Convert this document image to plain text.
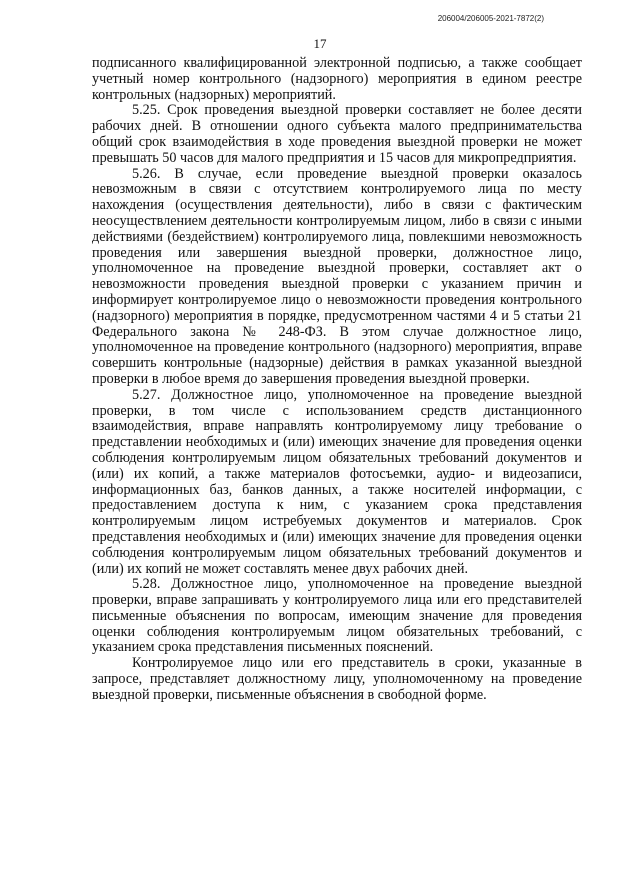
206004/206005-2021-7872(2)
17

подписанного квалифицированной электронной подписью, а также сообщает учетный номер контрольного (надзорного) мероприятия в едином реестре контрольных (надзорных) мероприятий.

5.25. Срок проведения выездной проверки составляет не более десяти рабочих дней. В отношении одного субъекта малого предпринимательства общий срок взаимодействия в ходе проведения выездной проверки не может превышать 50 часов для малого предприятия и 15 часов для микропредприятия.

5.26. В случае, если проведение выездной проверки оказалось невозможным в связи с отсутствием контролируемого лица по месту нахождения (осуществления деятельности), либо в связи с фактическим неосуществлением деятельности контролируемым лицом, либо в связи с иными действиями (бездействием) контролируемого лица, повлекшими невозможность проведения или завершения выездной проверки, должностное лицо, уполномоченное на проведение выездной проверки, составляет акт о невозможности проведения выездной проверки с указанием причин и информирует контролируемое лицо о невозможности проведения контрольного (надзорного) мероприятия в порядке, предусмотренном частями 4 и 5 статьи 21 Федерального закона № 248-ФЗ. В этом случае должностное лицо, уполномоченное на проведение контрольного (надзорного) мероприятия, вправе совершить контрольные (надзорные) действия в рамках указанной выездной проверки в любое время до завершения проведения выездной проверки.

5.27. Должностное лицо, уполномоченное на проведение выездной проверки, в том числе с использованием средств дистанционного взаимодействия, вправе направлять контролируемому лицу требование о представлении необходимых и (или) имеющих значение для проведения оценки соблюдения контролируемым лицом обязательных требований документов и (или) их копий, а также материалов фотосъемки, аудио- и видеозаписи, информационных баз, банков данных, а также носителей информации, с предоставлением доступа к ним, с указанием срока представления контролируемым лицом истребуемых документов и материалов. Срок представления необходимых и (или) имеющих значение для проведения оценки соблюдения контролируемым лицом обязательных требований документов и (или) их копий не может составлять менее двух рабочих дней.

5.28. Должностное лицо, уполномоченное на проведение выездной проверки, вправе запрашивать у контролируемого лица или его представителей письменные объяснения по вопросам, имеющим значение для проведения оценки соблюдения контролируемым лицом обязательных требований, с указанием срока представления письменных пояснений.

Контролируемое лицо или его представитель в сроки, указанные в запросе, представляет должностному лицу, уполномоченному на проведение выездной проверки, письменные объяснения в свободной форме.
